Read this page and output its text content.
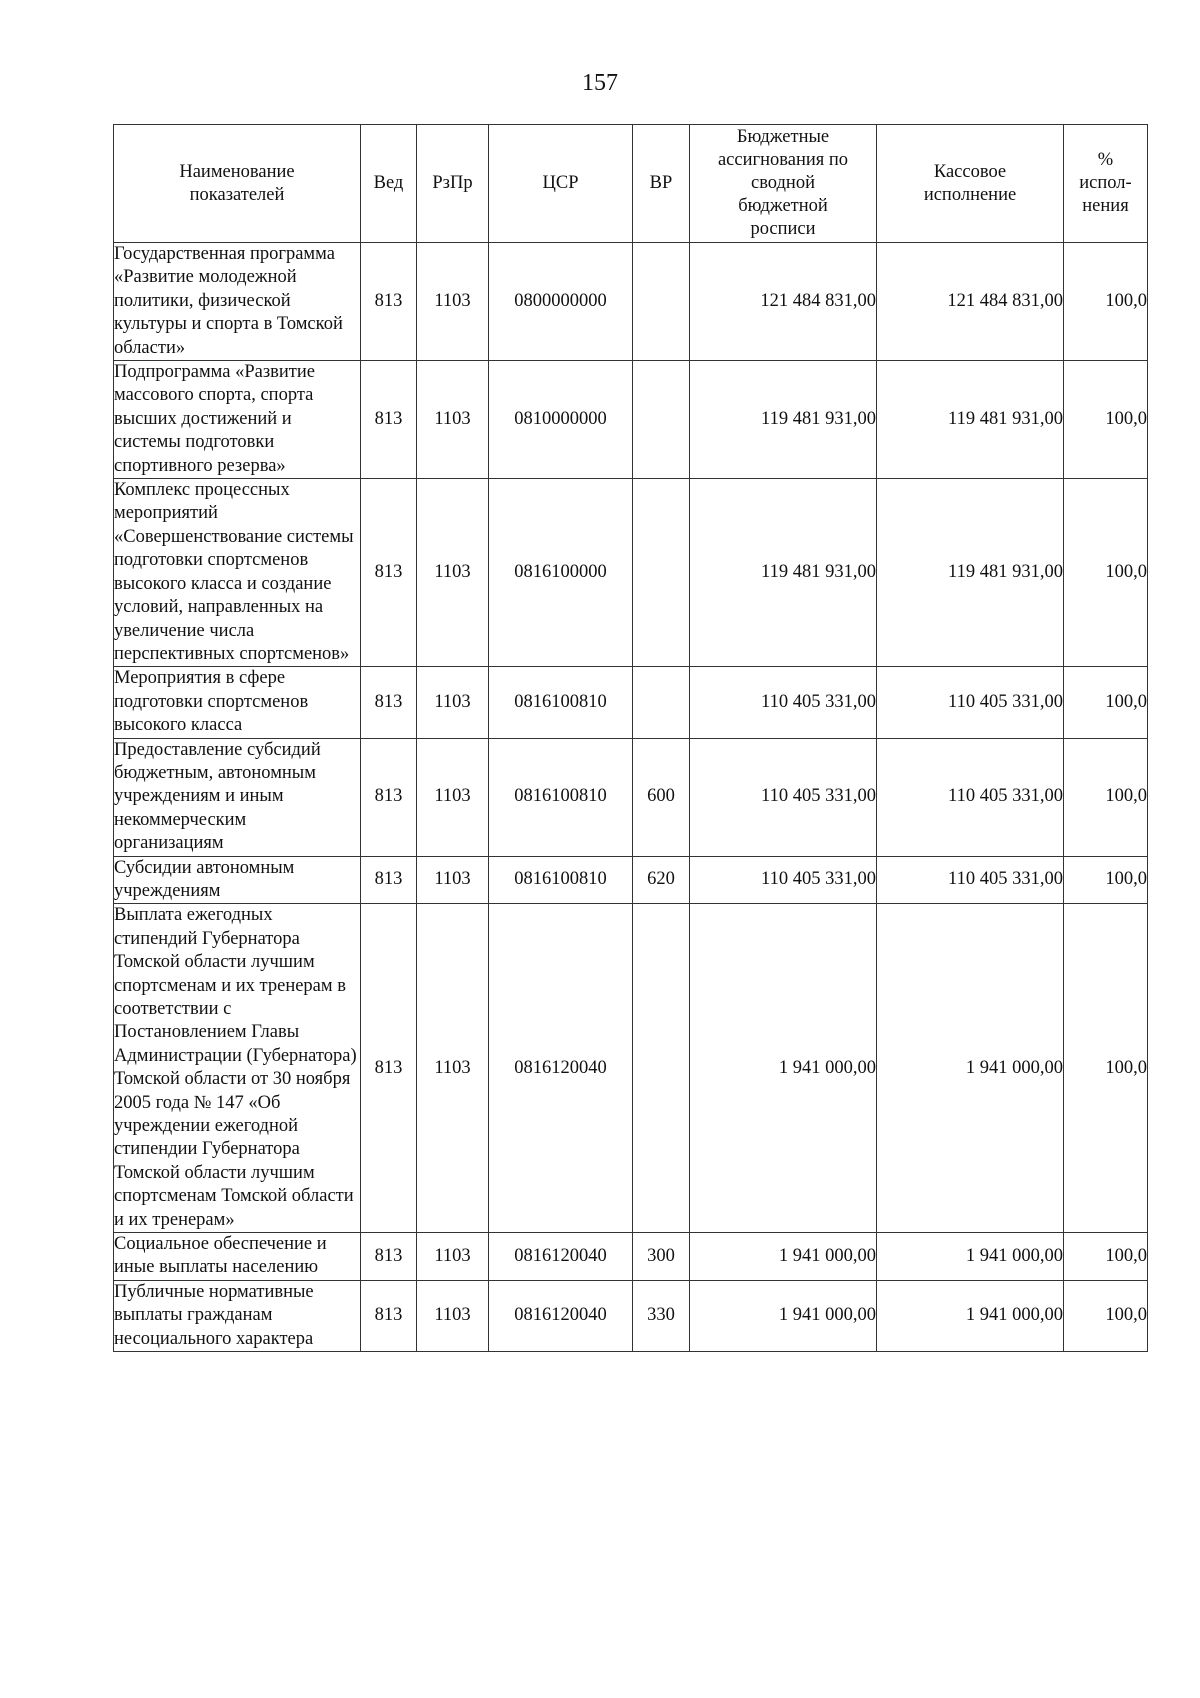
157
Наименование показателей	Вед	РзПр	ЦСР	ВР	Бюджетные ассигнования по сводной бюджетной росписи	Кассовое исполнение	% испол-нения
Государственная программа «Развитие молодежной политики, физической культуры и спорта в Томской области»	813	1103	0800000000		121 484 831,00	121 484 831,00	100,0
Подпрограмма «Развитие массового спорта, спорта высших достижений и системы подготовки спортивного резерва»	813	1103	0810000000		119 481 931,00	119 481 931,00	100,0
Комплекс процессных мероприятий «Совершенствование системы подготовки спортсменов высокого класса и создание условий, направленных на увеличение числа перспективных спортсменов»	813	1103	0816100000		119 481 931,00	119 481 931,00	100,0
Мероприятия в сфере подготовки спортсменов высокого класса	813	1103	0816100810		110 405 331,00	110 405 331,00	100,0
Предоставление субсидий бюджетным, автономным учреждениям и иным некоммерческим организациям	813	1103	0816100810	600	110 405 331,00	110 405 331,00	100,0
Субсидии автономным учреждениям	813	1103	0816100810	620	110 405 331,00	110 405 331,00	100,0
Выплата ежегодных стипендий Губернатора Томской области лучшим спортсменам и их тренерам в соответствии с Постановлением Главы Администрации (Губернатора) Томской области от 30 ноября 2005 года № 147 «Об учреждении ежегодной стипендии Губернатора Томской области лучшим спортсменам Томской области и их тренерам»	813	1103	0816120040		1 941 000,00	1 941 000,00	100,0
Социальное обеспечение и иные выплаты населению	813	1103	0816120040	300	1 941 000,00	1 941 000,00	100,0
Публичные нормативные выплаты гражданам несоциального характера	813	1103	0816120040	330	1 941 000,00	1 941 000,00	100,0
